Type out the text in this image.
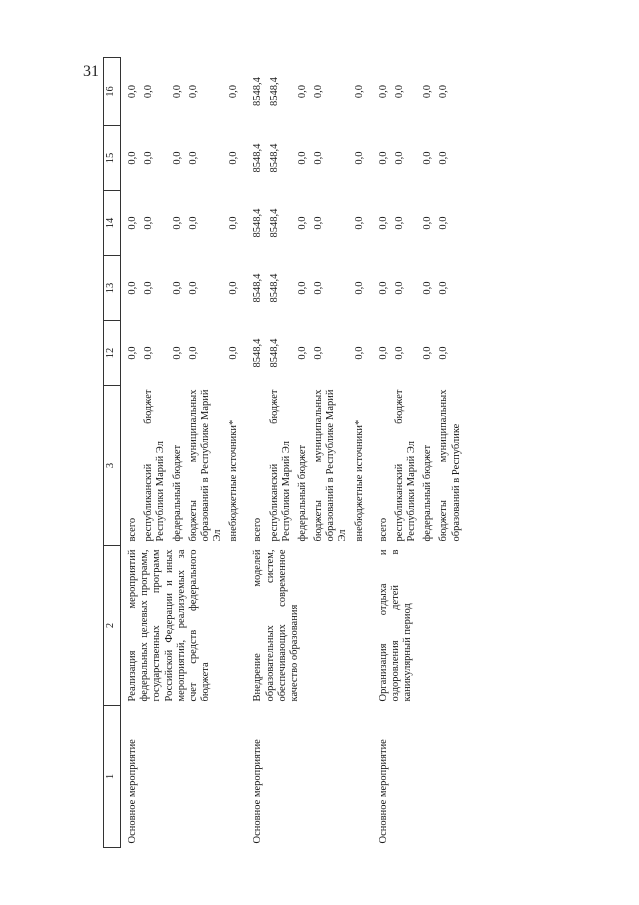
31
1	2	3	12	13	14	15	16
Основное мероприятие	Реализация мероприятий федеральных целевых программ, государственных программ Российской Федерации и иных мероприятий, реализуемых за счет средств федерального бюджета	всего	0,0	0,0	0,0	0,0	0,0
		республиканский бюджет Республики Марий Эл	0,0	0,0	0,0	0,0	0,0
		федеральный бюджет	0,0	0,0	0,0	0,0	0,0
		бюджеты муниципальных образований в Республике Марий Эл	0,0	0,0	0,0	0,0	0,0
		внебюджетные источники*	0,0	0,0	0,0	0,0	0,0

Основное мероприятие	Внедрение моделей образовательных систем, обеспечивающих современное качество образования	всего	8548,4	8548,4	8548,4	8548,4	8548,4
		республиканский бюджет Республики Марий Эл	8548,4	8548,4	8548,4	8548,4	8548,4
		федеральный бюджет	0,0	0,0	0,0	0,0	0,0
		бюджеты муниципальных образований в Республике Марий Эл	0,0	0,0	0,0	0,0	0,0
		внебюджетные источники*	0,0	0,0	0,0	0,0	0,0

Основное мероприятие	Организация отдыха и оздоровления детей в каникулярный период	всего	0,0	0,0	0,0	0,0	0,0
		республиканский бюджет Республики Марий Эл	0,0	0,0	0,0	0,0	0,0
		федеральный бюджет	0,0	0,0	0,0	0,0	0,0
		бюджеты муниципальных образований в Республике	0,0	0,0	0,0	0,0	0,0
